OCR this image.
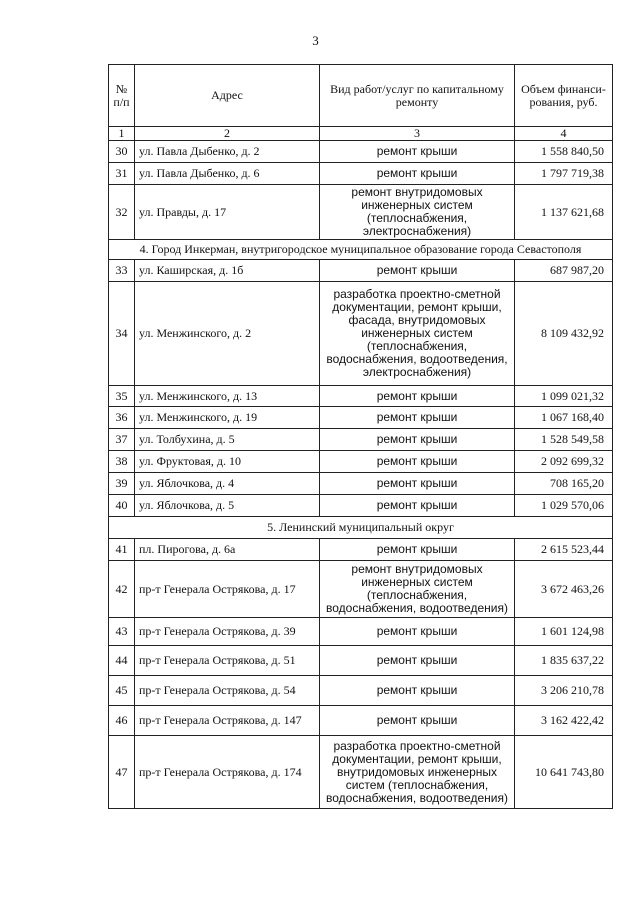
3
№ п/п	Адрес	Вид работ/услуг по капитальному ремонту	Объем финанси-рования, руб.
1	2	3	4
30	ул. Павла Дыбенко, д. 2	ремонт крыши	1 558 840,50
31	ул. Павла Дыбенко, д. 6	ремонт крыши	1 797 719,38
32	ул. Правды, д. 17	ремонт внутридомовых инженерных систем (теплоснабжения, электроснабжения)	1 137 621,68
4. Город Инкерман, внутригородское муниципальное образование города Севастополя			
33	ул. Каширская, д. 1б	ремонт крыши	687 987,20
34	ул. Менжинского, д. 2	разработка проектно-сметной документации, ремонт крыши, фасада, внутридомовых инженерных систем (теплоснабжения, водоснабжения, водоотведения, электроснабжения)	8 109 432,92
35	ул. Менжинского, д. 13	ремонт крыши	1 099 021,32
36	ул. Менжинского, д. 19	ремонт крыши	1 067 168,40
37	ул. Толбухина, д. 5	ремонт крыши	1 528 549,58
38	ул. Фруктовая, д. 10	ремонт крыши	2 092 699,32
39	ул. Яблочкова, д. 4	ремонт крыши	708 165,20
40	ул. Яблочкова, д. 5	ремонт крыши	1 029 570,06
5. Ленинский муниципальный округ			
41	пл. Пирогова, д. 6а	ремонт крыши	2 615 523,44
42	пр-т Генерала Острякова, д. 17	ремонт внутридомовых инженерных систем (теплоснабжения, водоснабжения, водоотведения)	3 672 463,26
43	пр-т Генерала Острякова, д. 39	ремонт крыши	1 601 124,98
44	пр-т Генерала Острякова, д. 51	ремонт крыши	1 835 637,22
45	пр-т Генерала Острякова, д. 54	ремонт крыши	3 206 210,78
46	пр-т Генерала Острякова, д. 147	ремонт крыши	3 162 422,42
47	пр-т Генерала Острякова, д. 174	разработка проектно-сметной документации, ремонт крыши, внутридомовых инженерных систем (теплоснабжения, водоснабжения, водоотведения)	10 641 743,80
